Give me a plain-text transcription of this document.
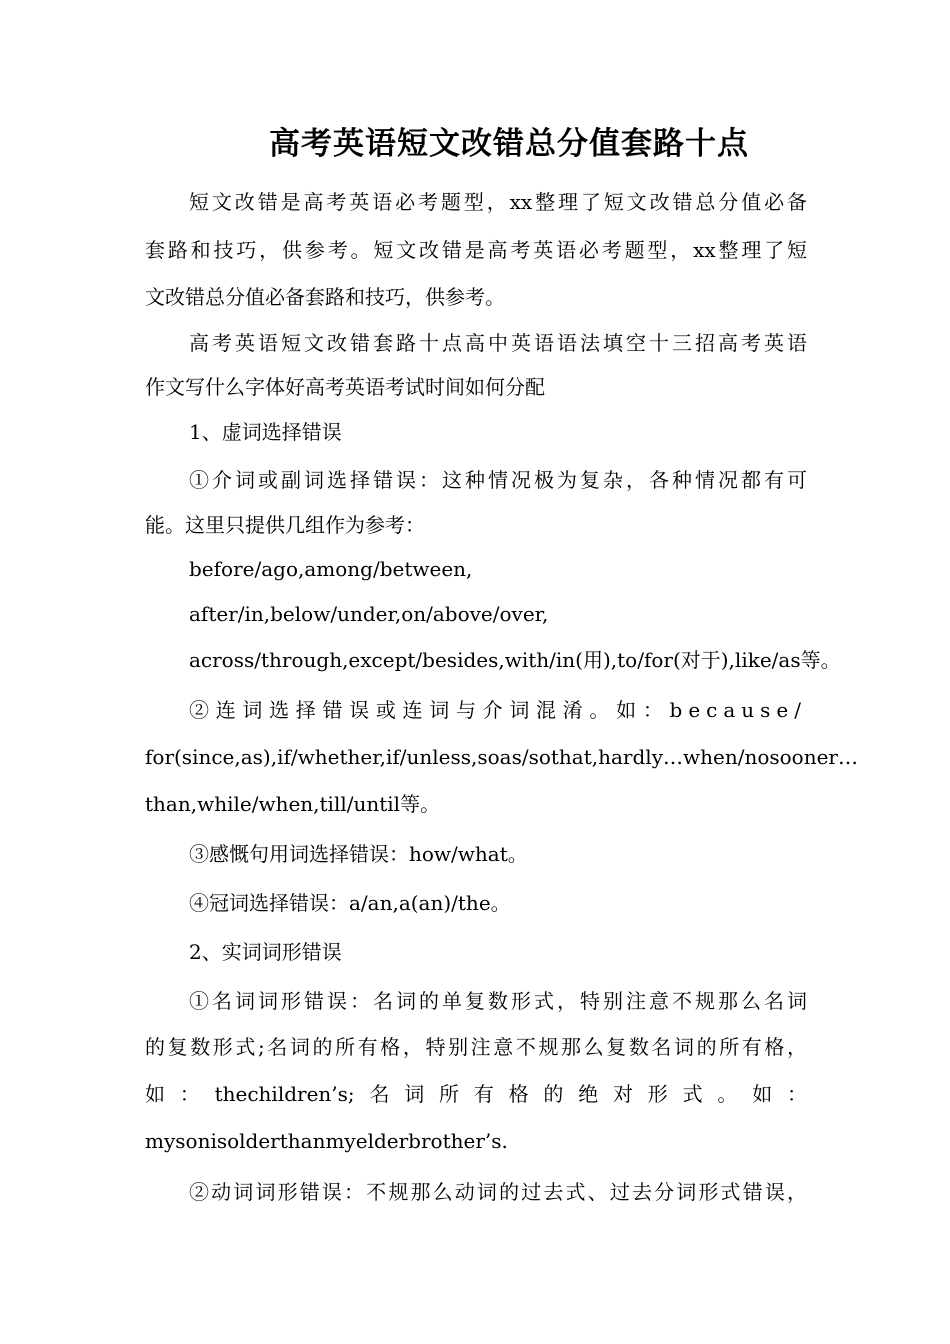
高考英语短文改错总分值套路十点
短文改错是高考英语必考题型，xx整理了短文改错总分值必备
套路和技巧，供参考。短文改错是高考英语必考题型，xx整理了短
文改错总分值必备套路和技巧，供参考。
高考英语短文改错套路十点高中英语语法填空十三招高考英语
作文写什么字体好高考英语考试时间如何分配
1、虚词选择错误
①介词或副词选择错误：这种情况极为复杂，各种情况都有可
能。这里只提供几组作为参考：
before/ago,among/between,
after/in,below/under,on/above/over,
across/through,except/besides,with/in(用),to/for(对于),like/as等。
②连词选择错误或连词与介词混淆。如：because/
for(since,as),if/whether,if/unless,soas/sothat,hardly…when/nosooner…
than,while/when,till/until等。
③感慨句用词选择错误：how/what。
④冠词选择错误：a/an,a(an)/the。
2、实词词形错误
①名词词形错误：名词的单复数形式，特别注意不规那么名词
的复数形式;名词的所有格，特别注意不规那么复数名词的所有格，
如：thechildren’s;名词所有格的绝对形式。如：
mysonisolderthanmyelderbrother’s.
②动词词形错误：不规那么动词的过去式、过去分词形式错误，
